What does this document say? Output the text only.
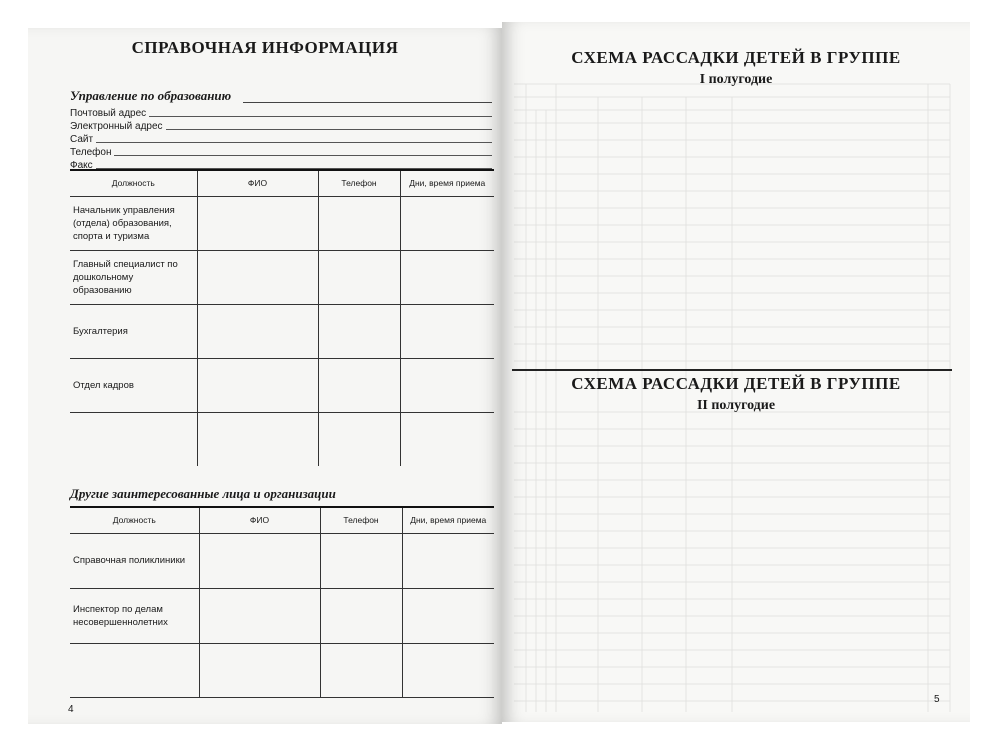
СПРАВОЧНАЯ ИНФОРМАЦИЯ
Управление по образованию
Почтовый адрес
Электронный адрес
Сайт
Телефон
Факс
Должность	ФИО	Телефон	Дни, время приема
Начальник управления (отдела) образования, спорта и туризма			
Главный специалист по дошкольному образованию			
Бухгалтерия			
Отдел кадров			

Другие заинтересованные лица и организации
Должность	ФИО	Телефон	Дни, время приема
Справочная поликлиники			
Инспектор по делам несовершеннолетних			

4
СХЕМА РАССАДКИ ДЕТЕЙ В ГРУППЕ
I полугодие
СХЕМА РАССАДКИ ДЕТЕЙ В ГРУППЕ
II полугодие
5
